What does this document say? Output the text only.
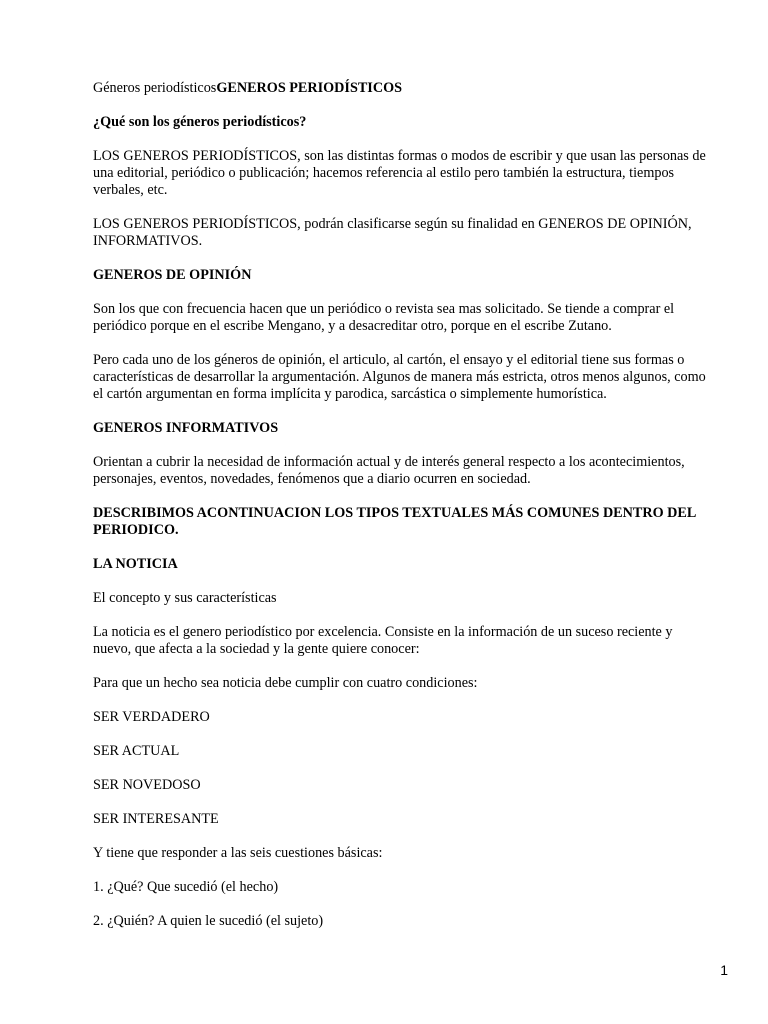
Géneros periodísticosGENEROS PERIODÍSTICOS

¿Qué son los géneros periodísticos?

LOS GENEROS PERIODÍSTICOS, son las distintas formas o modos de escribir y que usan las personas de una editorial, periódico o publicación; hacemos referencia al estilo pero también la estructura, tiempos verbales, etc.

LOS GENEROS PERIODÍSTICOS, podrán clasificarse según su finalidad en GENEROS DE OPINIÓN, INFORMATIVOS.

GENEROS DE OPINIÓN

Son los que con frecuencia hacen que un periódico o revista sea mas solicitado. Se tiende a comprar el periódico porque en el escribe Mengano, y a desacreditar otro, porque en el escribe Zutano.

Pero cada uno de los géneros de opinión, el articulo, al cartón, el ensayo y el editorial tiene sus formas o características de desarrollar la argumentación. Algunos de manera más estricta, otros menos algunos, como el cartón argumentan en forma implícita y parodica, sarcástica o simplemente humorística.

GENEROS INFORMATIVOS

Orientan a cubrir la necesidad de información actual y de interés general respecto a los acontecimientos, personajes, eventos, novedades, fenómenos que a diario ocurren en sociedad.

DESCRIBIMOS ACONTINUACION LOS TIPOS TEXTUALES MÁS COMUNES DENTRO DEL PERIODICO.

LA NOTICIA

El concepto y sus características

La noticia es el genero periodístico por excelencia. Consiste en la información de un suceso reciente y nuevo, que afecta a la sociedad y la gente quiere conocer:

Para que un hecho sea noticia debe cumplir con cuatro condiciones:

SER VERDADERO

SER ACTUAL

SER NOVEDOSO

SER INTERESANTE

Y tiene que responder a las seis cuestiones básicas:

1. ¿Qué? Que sucedió (el hecho)

2. ¿Quién? A quien le sucedió (el sujeto)

1
